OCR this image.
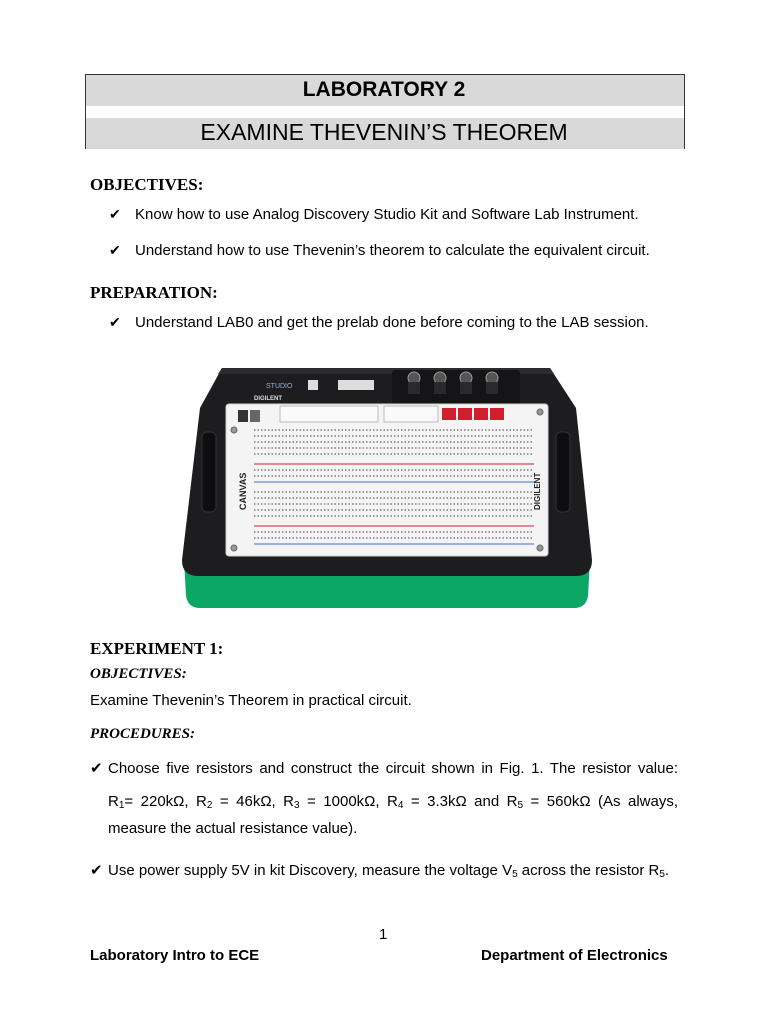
LABORATORY 2
EXAMINE THEVENIN’S THEOREM
OBJECTIVES:
✔ Know how to use Analog Discovery Studio Kit and Software Lab Instrument.
✔ Understand how to use Thevenin’s theorem to calculate the equivalent circuit.
PREPARATION:
✔ Understand LAB0 and get the prelab done before coming to the LAB session.
STUDIO
DIGILENT
CANVAS	DIGILENT
EXPERIMENT 1:
OBJECTIVES:
Examine Thevenin’s Theorem in practical circuit.
PROCEDURES:
✔ Choose five resistors and construct the circuit shown in Fig. 1. The resistor value:
$R_1= 220k\Omega$, $R_2 = 46k\Omega$, $R_3 = 1000k\Omega$, $R_4 = 3.3k\Omega$ and $R_5 = 560k\Omega$ (As always,
measure the actual resistance value).
✔ Use power supply 5V in kit Discovery, measure the voltage $V_5$ across the resistor $R_5$.
1
Laboratory Intro to ECE	Department of Electronics
